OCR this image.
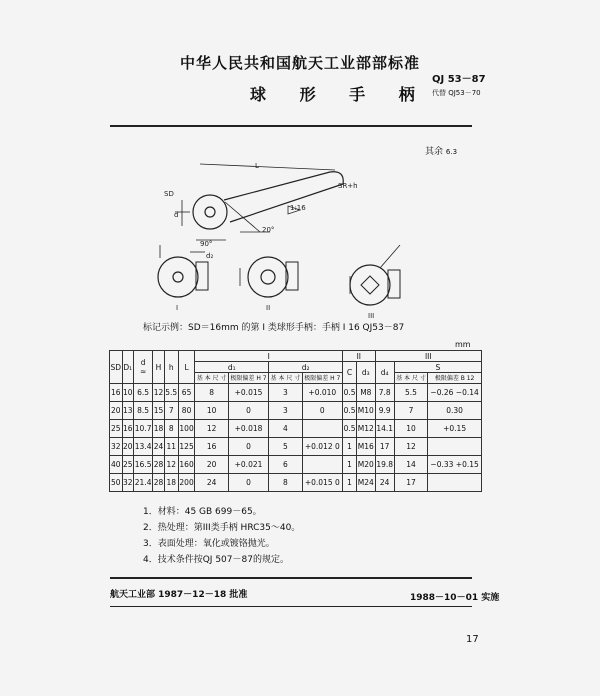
中华人民共和国航天工业部部标准
QJ 53－87
球 形 手 柄 代替 QJ53－70
其余 6.3
L
SD
d
SR+h
1:16
20°
90°
d₂
I	II
III
标记示例：SD＝16mm 的第 I 类球形手柄：手柄 I 16 QJ53－87
mm
SD	D₁	d
≈	H	h	L	I				II		III		
						d₁		d₂		C	d₃	d₄	S	
						基 本 尺 寸	极限偏差 H 7	基 本 尺 寸	极限偏差 H 7				基 本 尺 寸	极限偏差 B 12
16	10	6.5	12	5.5	65	8	+0.015	3	+0.010	0.5	M8	7.8	5.5	−0.26 −0.14
20	13	8.5	15	7	80	10	0	3	0	0.5	M10	9.9	7	0.30
25	16	10.7	18	8	100	12	+0.018	4		0.5	M12	14.1	10	+0.15
32	20	13.4	24	11	125	16	0	5	+0.012 0	1	M16	17	12	
40	25	16.5	28	12	160	20	+0.021	6		1	M20	19.8	14	−0.33 +0.15
50	32	21.4	28	18	200	24	0	8	+0.015 0	1	M24	24	17	
1．材料：45 GB 699－65。
2．热处理：第III类手柄 HRC35～40。
3．表面处理：氧化或镀铬抛光。
4．技术条件按QJ 507－87的规定。
航天工业部 1987－12－18 批准	1988－10－01 实施
17
